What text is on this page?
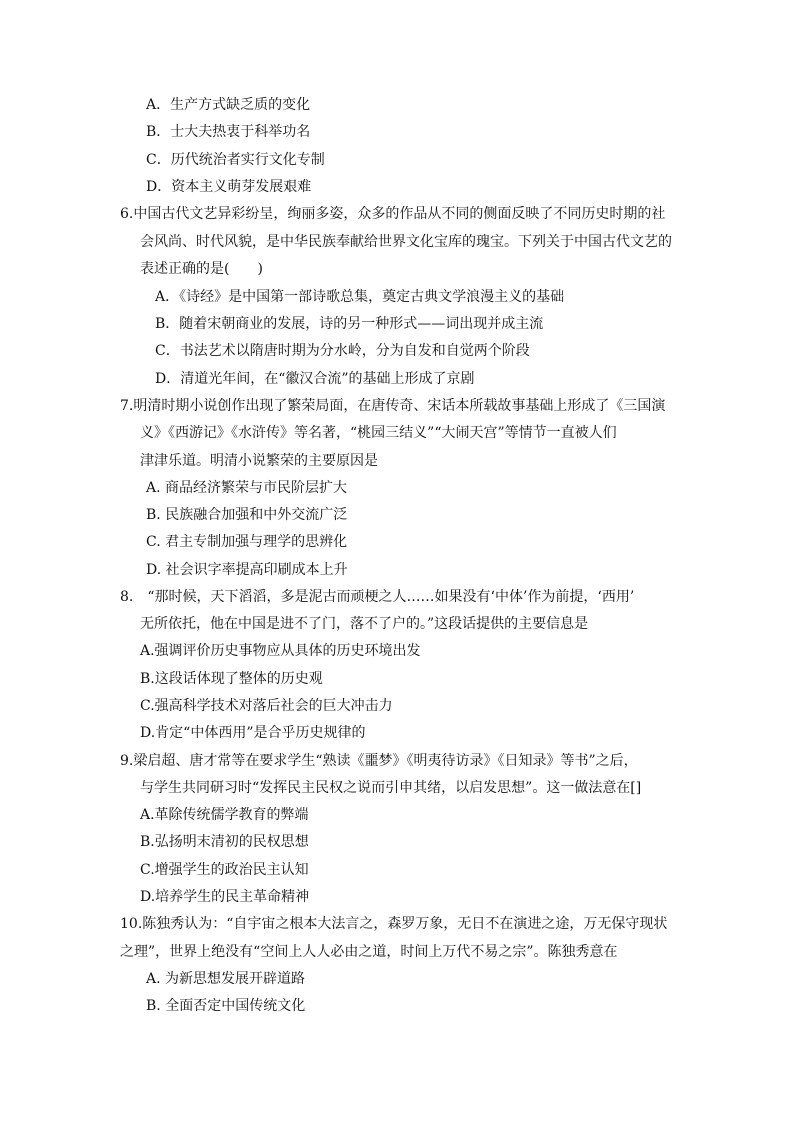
A．生产方式缺乏质的变化
B．士大夫热衷于科举功名
C．历代统治者实行文化专制
D．资本主义萌芽发展艰难
6.中国古代文艺异彩纷呈，绚丽多姿，众多的作品从不同的侧面反映了不同历史时期的社
会风尚、时代风貌，是中华民族奉献给世界文化宝库的瑰宝。下列关于中国古代文艺的
表述正确的是(　　)
A．《诗经》是中国第一部诗歌总集，奠定古典文学浪漫主义的基础
B．随着宋朝商业的发展，诗的另一种形式——词出现并成主流
C．书法艺术以隋唐时期为分水岭，分为自发和自觉两个阶段
D．清道光年间，在“徽汉合流”的基础上形成了京剧
7.明清时期小说创作出现了繁荣局面，在唐传奇、宋话本所载故事基础上形成了《三国演
义》《西游记》《水浒传》等名著，“桃园三结义”“大闹天宫”等情节一直被人们
津津乐道。明清小说繁荣的主要原因是
A. 商品经济繁荣与市民阶层扩大
B. 民族融合加强和中外交流广泛
C. 君主专制加强与理学的思辨化
D. 社会识字率提高印刷成本上升
8.　“那时候，天下滔滔，多是泥古而顽梗之人……如果没有‘中体’作为前提，‘西用’
无所依托，他在中国是进不了门，落不了户的。”这段话提供的主要信息是
A.强调评价历史事物应从具体的历史环境出发
B.这段话体现了整体的历史观
C.强高科学技术对落后社会的巨大冲击力
D.肯定“中体西用”是合乎历史规律的
9.梁启超、唐才常等在要求学生“熟读《噩梦》《明夷待访录》《日知录》等书”之后，
与学生共同研习时“发挥民主民权之说而引申其绪，以启发思想”。这一做法意在[]
A.革除传统儒学教育的弊端
B.弘扬明末清初的民权思想
C.增强学生的政治民主认知
D.培养学生的民主革命精神
10.陈独秀认为：“自宇宙之根本大法言之，森罗万象，无日不在演进之途，万无保守现状
之理”，世界上绝没有“空间上人人必由之道，时间上万代不易之宗”。陈独秀意在
A. 为新思想发展开辟道路
B. 全面否定中国传统文化
